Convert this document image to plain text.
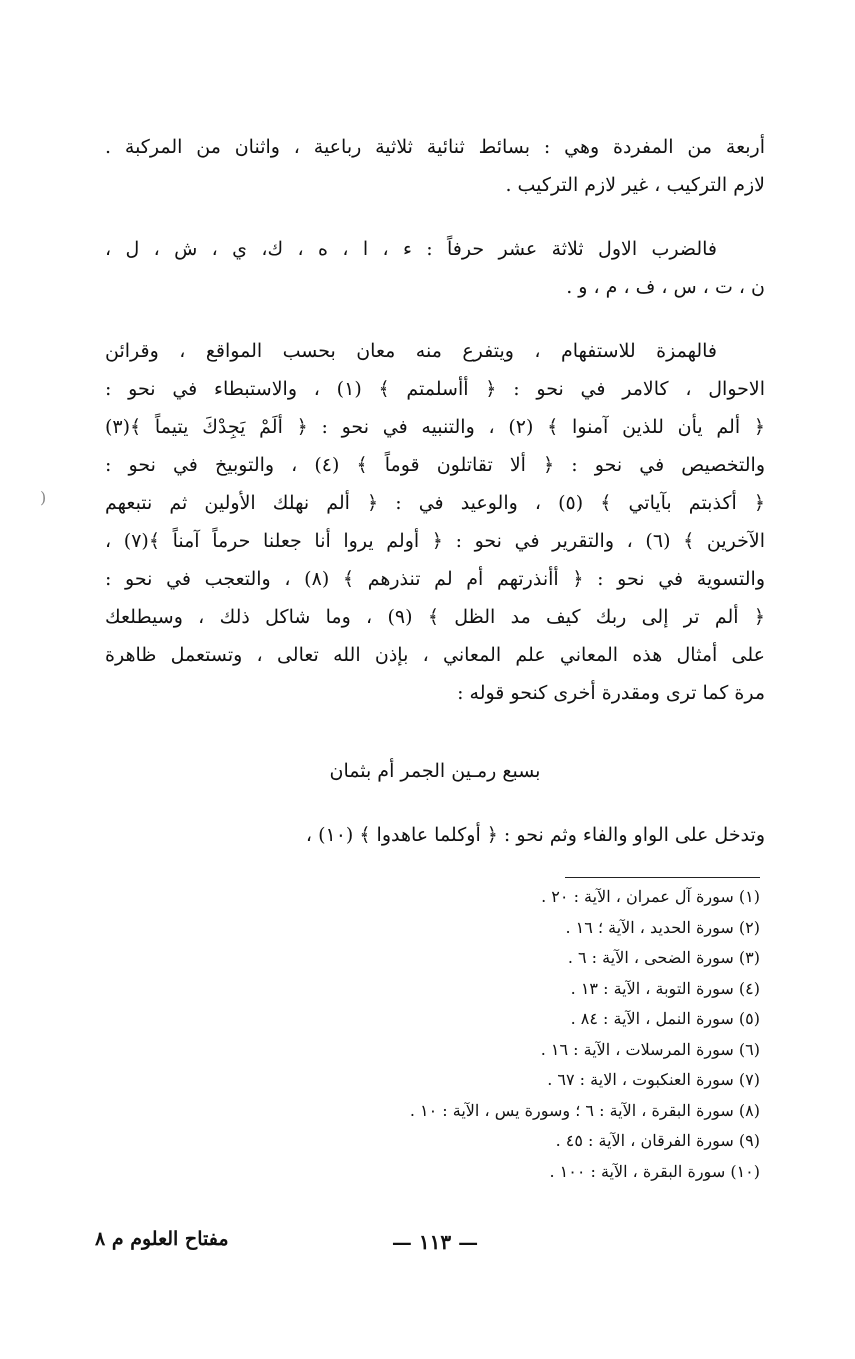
أربعة من المفردة وهي : بسائط ثنائية ثلاثية رباعية ، واثنان من المركبة .
لازم التركيب ، غير لازم التركيب .
فالضرب الاول ثلاثة عشر حرفاً : ء ، ا ، ه ، ك، ي ، ش ، ل ،
ن ، ت ، س ، ف ، م ، و .
فالهمزة للاستفهام ، ويتفرع منه معان بحسب المواقع ، وقرائن
الاحوال ، كالامر في نحو : ﴿ أأسلمتم ﴾ (١) ، والاستبطاء في نحو :
﴿ ألم يأن للذين آمنوا ﴾ (٢) ، والتنبيه في نحو : ﴿ ألَمْ يَجِدْكَ يتيماً ﴾(٣)
والتخصيص في نحو : ﴿ ألا تقاتلون قوماً ﴾ (٤) ، والتوبيخ في نحو :
﴿ أكذبتم بآياتي ﴾ (٥) ، والوعيد في : ﴿ ألم نهلك الأولين ثم نتبعهم
الآخرين ﴾ (٦) ، والتقرير في نحو : ﴿ أولم يروا أنا جعلنا حرماً آمناً ﴾(٧) ،
والتسوية في نحو : ﴿ أأنذرتهم أم لم تنذرهم ﴾ (٨) ، والتعجب في نحو :
﴿ ألم تر إلى ربك كيف مد الظل ﴾ (٩) ، وما شاكل ذلك ، وسيطلعك
على أمثال هذه المعاني علم المعاني ، بإذن الله تعالى ، وتستعمل ظاهرة
مرة كما ترى ومقدرة أخرى كنحو قوله :
بسبع رمـين الجمر أم بثمان
وتدخل على الواو والفاء وثم نحو : ﴿ أوكلما عاهدوا ﴾ (١٠) ،
(١) سورة آل عمران ، الآية : ٢٠ .
(٢) سورة الحديد ، الآية ؛ ١٦ .
(٣) سورة الضحى ، الآية : ٦ .
(٤) سورة التوبة ، الآية : ١٣ .
(٥) سورة النمل ، الآية : ٨٤ .
(٦) سورة المرسلات ، الآية : ١٦ .
(٧) سورة العنكبوت ، الاية : ٦٧ .
(٨) سورة البقرة ، الآية : ٦ ؛ وسورة يس ، الآية : ١٠ .
(٩) سورة الفرقان ، الآية : ٤٥ .
(١٠) سورة البقرة ، الآية : ١٠٠ .
— ١١٣ —
مفتاح العلوم م ٨
)
